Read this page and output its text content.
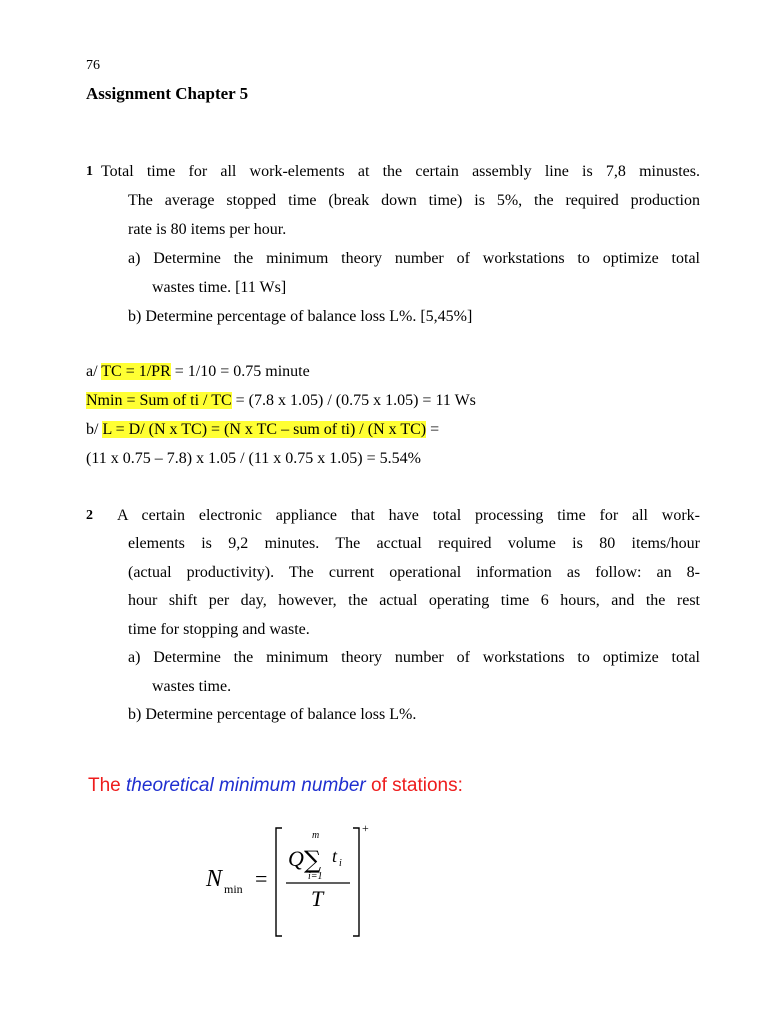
76
Assignment Chapter 5
1 Total time for all work-elements at the certain assembly line is 7,8 minustes.
The average stopped time (break down time) is 5%, the required production
rate is 80 items per hour.
a) Determine the minimum theory number of workstations to optimize total
wastes time. [11 Ws]
b) Determine percentage of balance loss L%. [5,45%]
a/ TC = 1/PR = 1/10 = 0.75 minute
Nmin = Sum of ti / TC = (7.8 x 1.05) / (0.75 x 1.05) = 11 Ws
b/ L = D/ (N x TC) = (N x TC – sum of ti) / (N x TC) =
(11 x 0.75 – 7.8) x 1.05 / (11 x 0.75 x 1.05) = 5.54%
2 A certain electronic appliance that have total processing time for all work-
elements is 9,2 minutes. The acctual required volume is 80 items/hour
(actual productivity). The current operational information as follow: an 8-
hour shift per day, however, the actual operating time 6 hours, and the rest
time for stopping and waste.
a) Determine the minimum theory number of workstations to optimize total
wastes time.
b) Determine percentage of balance loss L%.
The theoretical minimum number of stations:
N min =
+
Q ∑
m
i=1
t i
T
